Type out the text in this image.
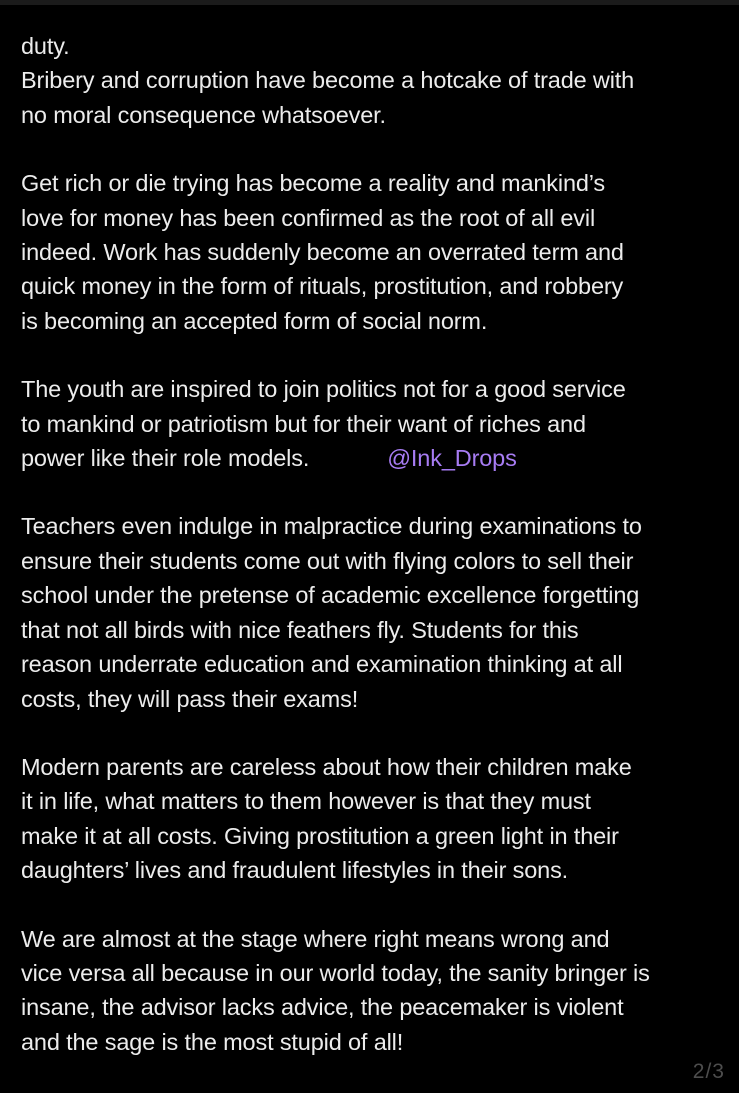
duty.
Bribery and corruption have become a hotcake of trade with
no moral consequence whatsoever.

Get rich or die trying has become a reality and mankind’s
love for money has been confirmed as the root of all evil
indeed. Work has suddenly become an overrated term and
quick money in the form of rituals, prostitution, and robbery
is becoming an accepted form of social norm.

The youth are inspired to join politics not for a good service
to mankind or patriotism but for their want of riches and
power like their role models.	@Ink_Drops

Teachers even indulge in malpractice during examinations to
ensure their students come out with flying colors to sell their
school under the pretense of academic excellence forgetting
that not all birds with nice feathers fly. Students for this
reason underrate education and examination thinking at all
costs, they will pass their exams!

Modern parents are careless about how their children make
it in life, what matters to them however is that they must
make it at all costs. Giving prostitution a green light in their
daughters’ lives and fraudulent lifestyles in their sons.

We are almost at the stage where right means wrong and
vice versa all because in our world today, the sanity bringer is
insane, the advisor lacks advice, the peacemaker is violent
and the sage is the most stupid of all!

2/3
